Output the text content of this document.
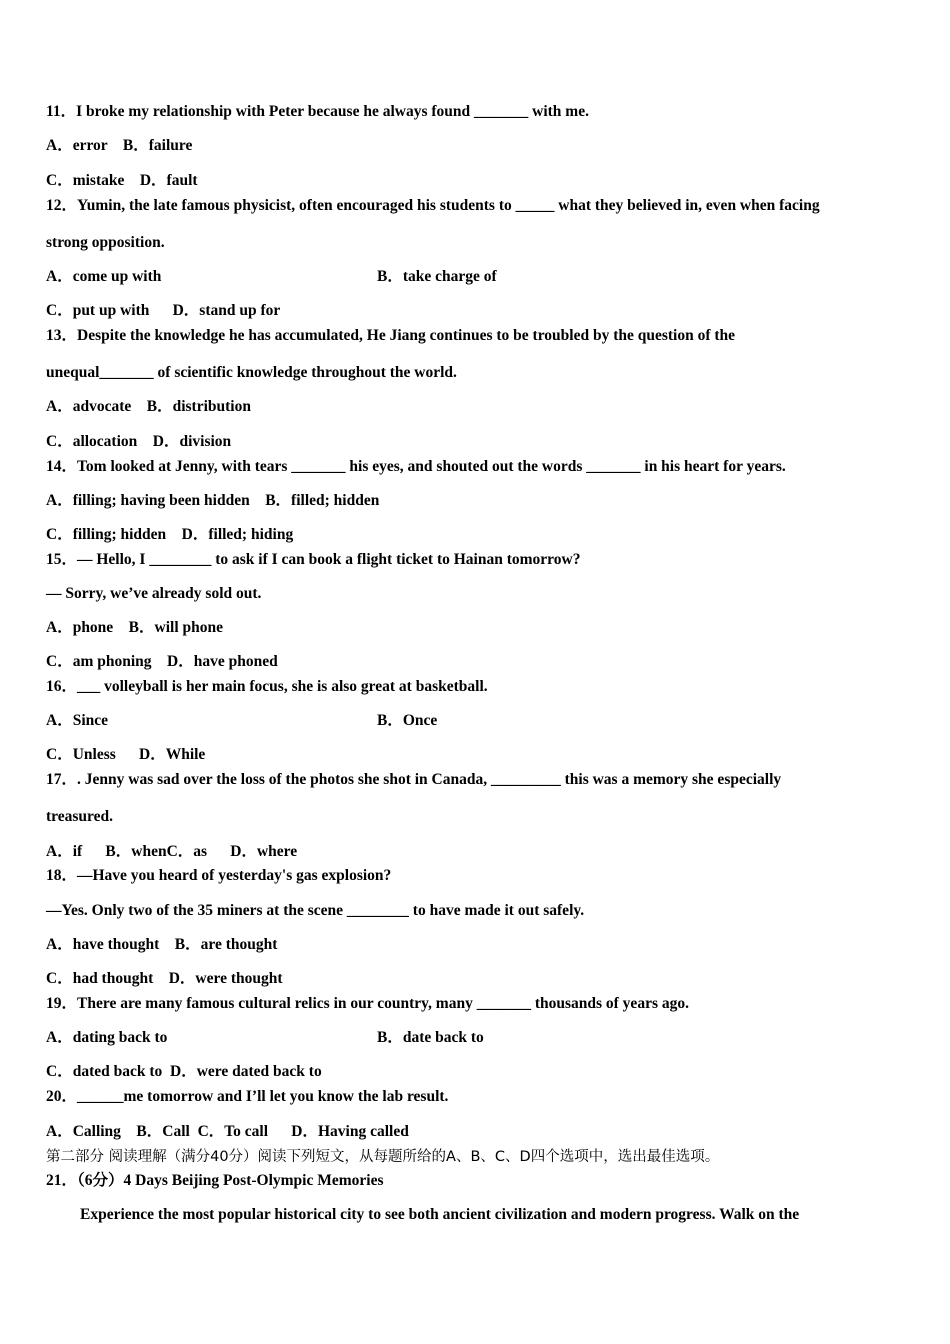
11．I broke my relationship with Peter because he always found _______ with me.
A．error    B．failure
C．mistake    D．fault
12．Yumin, the late famous physicist, often encouraged his students to _____ what they believed in, even when facing
strong opposition.
A．come up with	B．take charge of
C．put up with      D．stand up for
13．Despite the knowledge he has accumulated, He Jiang continues to be troubled by the question of the
unequal_______ of scientific knowledge throughout the world.
A．advocate    B．distribution
C．allocation    D．division
14．Tom looked at Jenny, with tears _______ his eyes, and shouted out the words _______ in his heart for years.
A．filling; having been hidden    B．filled; hidden
C．filling; hidden    D．filled; hiding
15．— Hello, I ________ to ask if I can book a flight ticket to Hainan tomorrow?
— Sorry, we’ve already sold out.
A．phone    B．will phone
C．am phoning    D．have phoned
16．___ volleyball is her main focus, she is also great at basketball.
A．Since	B．Once
C．Unless      D．While
17．. Jenny was sad over the loss of the photos she shot in Canada, _________ this was a memory she especially
treasured.
A．if      B．whenC．as      D．where
18．—Have you heard of yesterday's gas explosion?
—Yes. Only two of the 35 miners at the scene ________ to have made it out safely.
A．have thought    B．are thought
C．had thought    D．were thought
19．There are many famous cultural relics in our country, many _______ thousands of years ago.
A．dating back to	B．date back to
C．dated back to  D．were dated back to
20．______me tomorrow and I’ll let you know the lab result.
A．Calling    B．Call  C．To call      D．Having called
第二部分 阅读理解（满分40分）阅读下列短文，从每题所给的A、B、C、D四个选项中，选出最佳选项。
21．（6分）4 Days Beijing Post-Olympic Memories
Experience the most popular historical city to see both ancient civilization and modern progress. Walk on the
